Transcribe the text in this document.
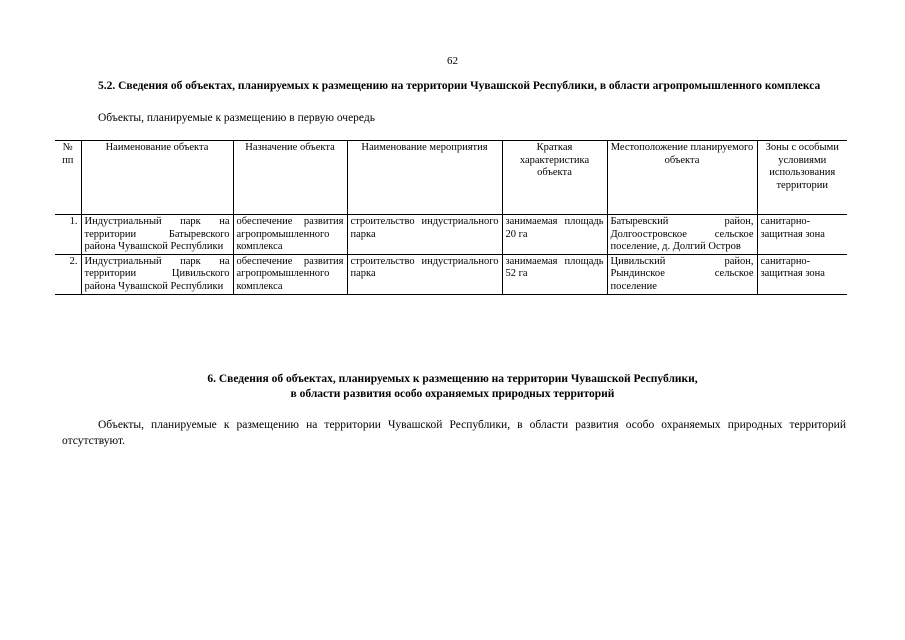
62
5.2. Сведения об объектах, планируемых к размещению на территории Чувашской Республики, в области агропромышленного комплекса
Объекты, планируемые к размещению в первую очередь
№ пп	Наименование объекта	Назначение объекта	Наименование мероприятия	Краткая характеристика объекта	Местоположение планируемого объекта	Зоны с особыми условиями использования территории
1.	Индустриальный парк на территории Батыревского района Чувашской Республики	обеспечение развития агропромышленного комплекса	строительство индустриального парка	занимаемая площадь 20 га	Батыревский район, Долгоостровское сельское поселение, д. Долгий Остров	санитарно-защитная зона
2.	Индустриальный парк на территории Цивильского района Чувашской Республики	обеспечение развития агропромышленного комплекса	строительство индустриального парка	занимаемая площадь 52 га	Цивильский район, Рындинское сельское поселение	санитарно-защитная зона
6. Сведения об объектах, планируемых к размещению на территории Чувашской Республики,
в области развития особо охраняемых природных территорий
Объекты, планируемые к размещению на территории Чувашской Республики, в области развития особо охраняемых природных территорий отсутствуют.
